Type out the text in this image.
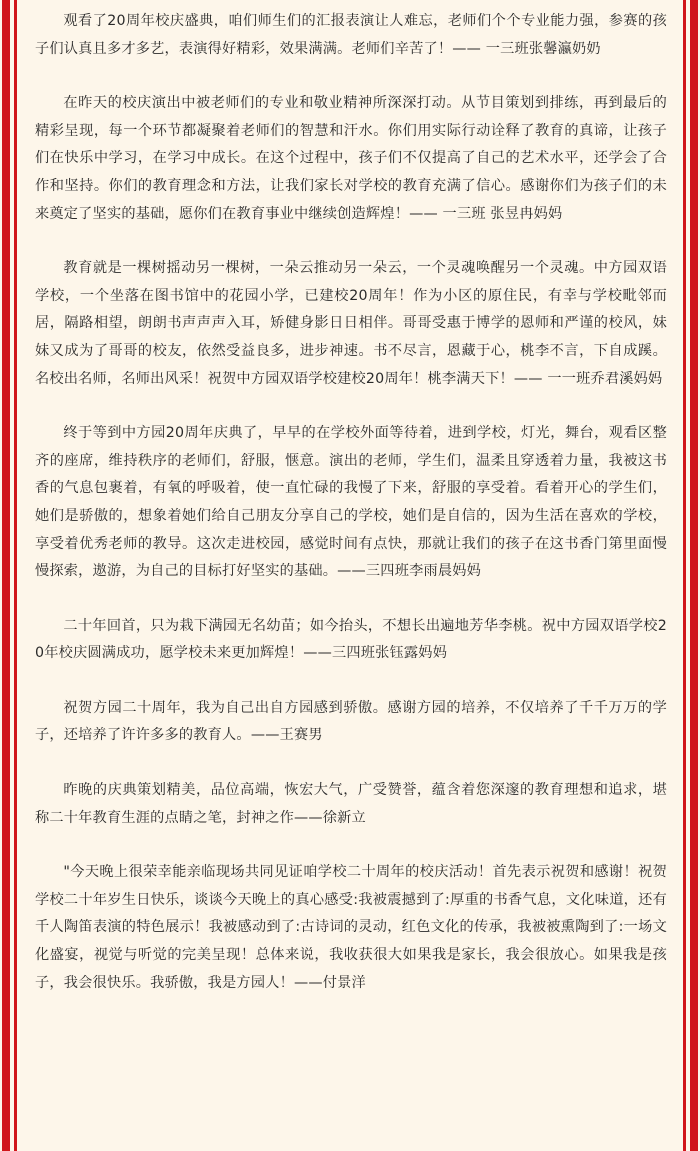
观看了20周年校庆盛典，咱们师生们的汇报表演让人难忘，老师们个个专业能力强，参赛的孩子们认真且多才多艺，表演得好精彩，效果满满。老师们辛苦了！—— 一三班张馨瀛奶奶

在昨天的校庆演出中被老师们的专业和敬业精神所深深打动。从节目策划到排练，再到最后的精彩呈现，每一个环节都凝聚着老师们的智慧和汗水。你们用实际行动诠释了教育的真谛，让孩子们在快乐中学习，在学习中成长。在这个过程中，孩子们不仅提高了自己的艺术水平，还学会了合作和坚持。你们的教育理念和方法，让我们家长对学校的教育充满了信心。感谢你们为孩子们的未来奠定了坚实的基础，愿你们在教育事业中继续创造辉煌！—— 一三班 张昱冉妈妈

教育就是一棵树摇动另一棵树，一朵云推动另一朵云，一个灵魂唤醒另一个灵魂。中方园双语学校，一个坐落在图书馆中的花园小学，已建校20周年！作为小区的原住民，有幸与学校毗邻而居，隔路相望，朗朗书声声声入耳，矫健身影日日相伴。哥哥受惠于博学的恩师和严谨的校风，妹妹又成为了哥哥的校友，依然受益良多，进步神速。书不尽言，恩藏于心，桃李不言，下自成蹊。名校出名师，名师出风采！祝贺中方园双语学校建校20周年！桃李满天下！—— 一一班乔君溪妈妈

终于等到中方园20周年庆典了，早早的在学校外面等待着，进到学校，灯光，舞台，观看区整齐的座席，维持秩序的老师们，舒服，惬意。演出的老师，学生们，温柔且穿透着力量，我被这书香的气息包裹着，有氧的呼吸着，使一直忙碌的我慢了下来，舒服的享受着。看着开心的学生们，她们是骄傲的，想象着她们给自己朋友分享自己的学校，她们是自信的，因为生活在喜欢的学校，享受着优秀老师的教导。这次走进校园，感觉时间有点快，那就让我们的孩子在这书香门第里面慢慢探索，遨游，为自己的目标打好坚实的基础。——三四班李雨晨妈妈

二十年回首，只为栽下满园无名幼苗；如今抬头，不想长出遍地芳华李桃。祝中方园双语学校20年校庆圆满成功，愿学校未来更加辉煌！——三四班张钰露妈妈

祝贺方园二十周年，我为自己出自方园感到骄傲。感谢方园的培养，不仅培养了千千万万的学子，还培养了许许多多的教育人。——王赛男

昨晚的庆典策划精美，品位高端，恢宏大气，广受赞誉，蕴含着您深邃的教育理想和追求，堪称二十年教育生涯的点睛之笔，封神之作——徐新立

"今天晚上很荣幸能亲临现场共同见证咱学校二十周年的校庆活动！首先表示祝贺和感谢！祝贺学校二十年岁生日快乐，谈谈今天晚上的真心感受:我被震撼到了:厚重的书香气息，文化味道，还有千人陶笛表演的特色展示！我被感动到了:古诗词的灵动，红色文化的传承，我被被熏陶到了:一场文化盛宴，视觉与听觉的完美呈现！总体来说，我收获很大如果我是家长，我会很放心。如果我是孩子，我会很快乐。我骄傲，我是方园人！——付景洋
